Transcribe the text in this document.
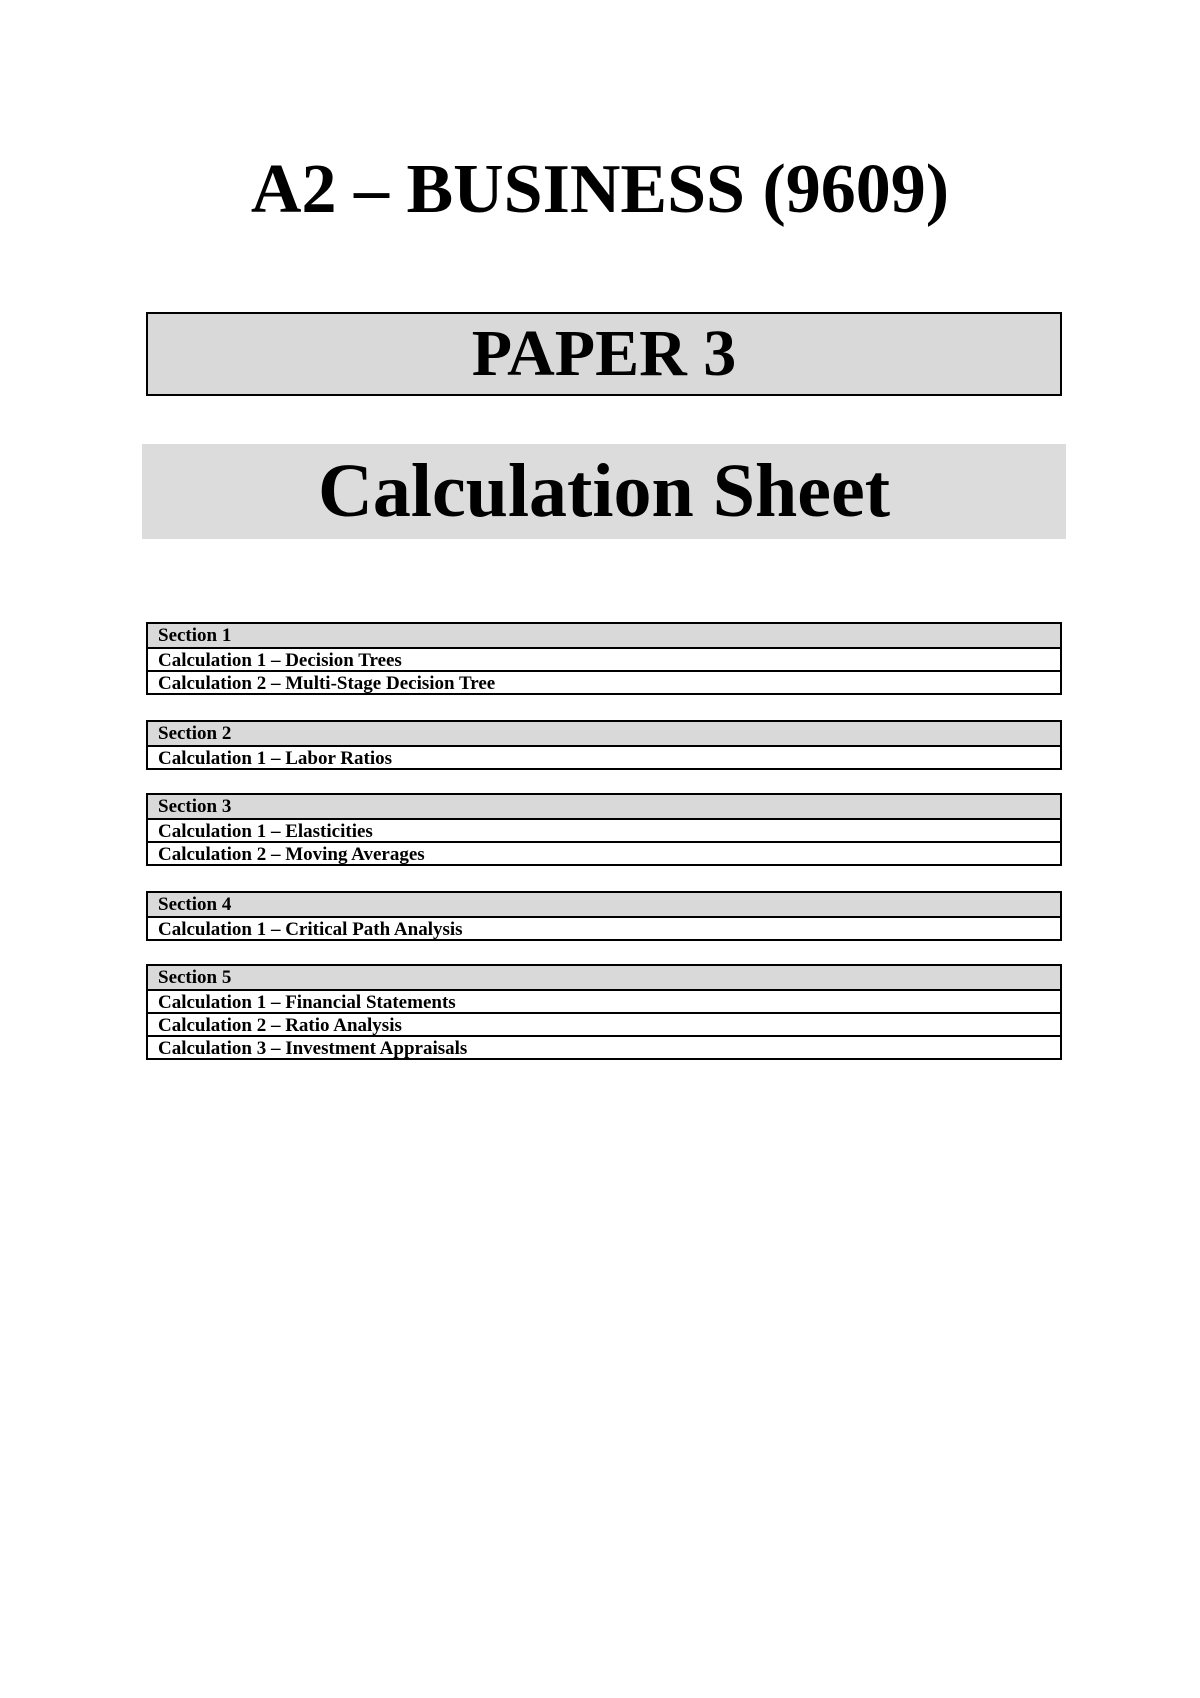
A2 – BUSINESS (9609)
PAPER 3
Calculation Sheet
Section 1
Calculation 1 – Decision Trees
Calculation 2 – Multi-Stage Decision Tree
Section 2
Calculation 1 – Labor Ratios
Section 3
Calculation 1 – Elasticities
Calculation 2 – Moving Averages
Section 4
Calculation 1 – Critical Path Analysis
Section 5
Calculation 1 – Financial Statements
Calculation 2 – Ratio Analysis
Calculation 3 – Investment Appraisals
